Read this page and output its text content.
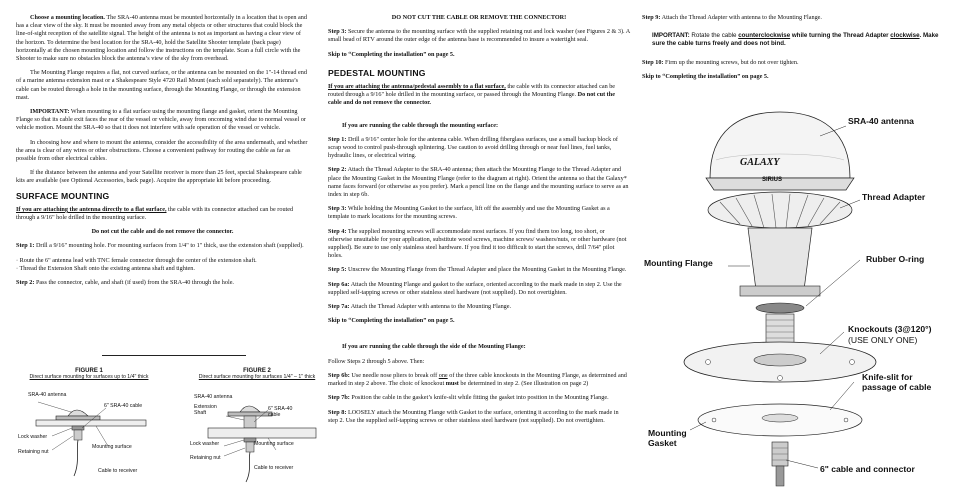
Choose a mounting location. The SRA-40 antenna must be mounted horizontally in a location that is open and has a clear view of the sky. It must be mounted away from any metal objects or other structures that could block the line-of-sight reception of the satellite signal. The height of the antenna is not as important as having a clear view of the horizon. To determine the best location for the SRA-40, hold the Satellite Shooter template (back page) horizontally at the chosen mounting location and follow the instructions on the template. Scan a full circle with the Shooter to make sure no obstacles block the antenna’s view of the sky from overhead.

The Mounting Flange requires a flat, not curved surface, or the antenna can be mounted on the 1"-14 thread end of a marine antenna extension mast or a Shakespeare Style 4720 Rail Mount (each sold separately). The antenna’s cable can be routed through a hole in the mounting surface, through the Mounting Flange, or through the extension mast.

IMPORTANT: When mounting to a flat surface using the mounting flange and gasket, orient the Mounting Flange so that its cable exit faces the rear of the vessel or vehicle, away from oncoming wind due to normal vessel or vehicle motion. Mount the SRA-40 so that it does not interfere with safe operation of the vessel or vehicle.

In choosing how and where to mount the antenna, consider the accessibility of the area underneath, and whether the area is clear of any wires or other obstructions. Choose a convenient pathway for routing the cable as far as possible from other electrical cables.

If the distance between the antenna and your Satellite receiver is more than 25 feet, special Shakespeare cable kits are available (see Optional Accessories, back page). Acquire the appropriate kit before proceeding.

SURFACE MOUNTING

If you are attaching the antenna directly to a flat surface, the cable with its connector attached can be routed through a 9/16" hole drilled in the mounting surface.

Do not cut the cable and do not remove the connector.

Step 1: Drill a 9/16" mounting hole. For mounting surfaces from 1/4" to 1" thick, use the extension shaft (supplied).

· Route the 6" antenna lead with TNC female connector through the center of the extension shaft.
· Thread the Extension Shaft onto the existing antenna shaft and tighten.

Step 2: Pass the connector, cable, and shaft (if used) from the SRA-40 through the hole.

FIGURE 1
Direct surface mounting for surfaces up to 1/4" thick
SRA-40 antenna
6" SRA-40 cable
Lock washer
Retaining nut
Mounting surface
Cable to receiver
FIGURE 2
Direct surface mounting for surfaces 1/4" – 1" thick
SRA-40 antenna
Extension
Shaft
6" SRA-40
cable
Lock washer
Retaining nut
Mounting surface
Cable to receiver

DO NOT CUT THE CABLE OR REMOVE THE CONNECTOR!

Step 3: Secure the antenna to the mounting surface with the supplied retaining nut and lock washer (see Figures 2 & 3). A small bead of RTV around the outer edge of the antenna base is recommended to insure a watertight seal.

Skip to “Completing the installation” on page 5.

PEDESTAL MOUNTING

If you are attaching the antenna/pedestal assembly to a flat surface, the cable with its connector attached can be routed through a 9/16" hole drilled in the mounting surface, or passed through the Mounting Flange. Do not cut the cable and do not remove the connector.

If you are running the cable through the mounting surface:

Step 1: Drill a 9/16" center hole for the antenna cable. When drilling fiberglass surfaces, use a small backup block of scrap wood to control push-through splintering. Use caution to avoid drilling through or near fuel lines, fuel tanks, hydraulic lines, or electrical wiring.

Step 2: Attach the Thread Adapter to the SRA-40 antenna; then attach the Mounting Flange to the Thread Adapter and place the Mounting Gasket in the Mounting Flange (refer to the diagram at right). Orient the antenna so that the Galaxy* name faces forward (or otherwise as you prefer). Mark a pencil line on the flange and the mounting surface to serve as an index in step 6b.

Step 3: While holding the Mounting Gasket to the surface, lift off the assembly and use the Mounting Gasket as a template to mark locations for the mounting screws.

Step 4: The supplied mounting screws will accommodate most surfaces. If you find them too long, too short, or otherwise unsuitable for your application, substitute wood screws, machine screws/ washers/nuts, or other hardware (not supplied). Be sure to use only stainless steel hardware. If you find it too difficult to start the screws, drill 7/64" pilot holes.

Step 5: Unscrew the Mounting Flange from the Thread Adapter and place the Mounting Gasket in the Mounting Flange.

Step 6a: Attach the Mounting Flange and gasket to the surface, oriented according to the mark made in step 2. Use the supplied self-tapping screws or other stainless steel hardware (not supplied). Do not overtighten.

Step 7a: Attach the Thread Adapter with antenna to the Mounting Flange.

Skip to “Completing the installation” on page 5.

If you are running the cable through the side of the Mounting Flange:

Follow Steps 2 through 5 above. Then:

Step 6b: Use needle nose pliers to break off one of the three cable knockouts in the Mounting Flange, as determined and marked in step 2 above. The choic of knockout must be determined in step 2. (See illustration on page 2)

Step 7b: Position the cable in the gasket’s knife-slit while fitting the gasket into position in the Mounting Flange.

Step 8: LOOSELY attach the Mounting Flange with Gasket to the surface, orienting it according to the mark made in step 2. Use the supplied self-tapping screws or other stainless steel hardware (not supplied). Do not overtighten.

Step 9: Attach the Thread Adapter with antenna to the Mounting Flange.

IMPORTANT: Rotate the cable counterclockwise while turning the Thread Adapter clockwise. Make sure the cable turns freely and does not bind.

Step 10: Firm up the mounting screws, but do not over tighten.

Skip to “Completing the installation” on page 5.

GALAXY
SIRIUS
SRA-40 antenna
Thread Adapter
Mounting Flange	Rubber O-ring
Knockouts (3@120°)
(USE ONLY ONE)
Knife-slit for
passage of cable
Mounting
Gasket
6" cable and connector
